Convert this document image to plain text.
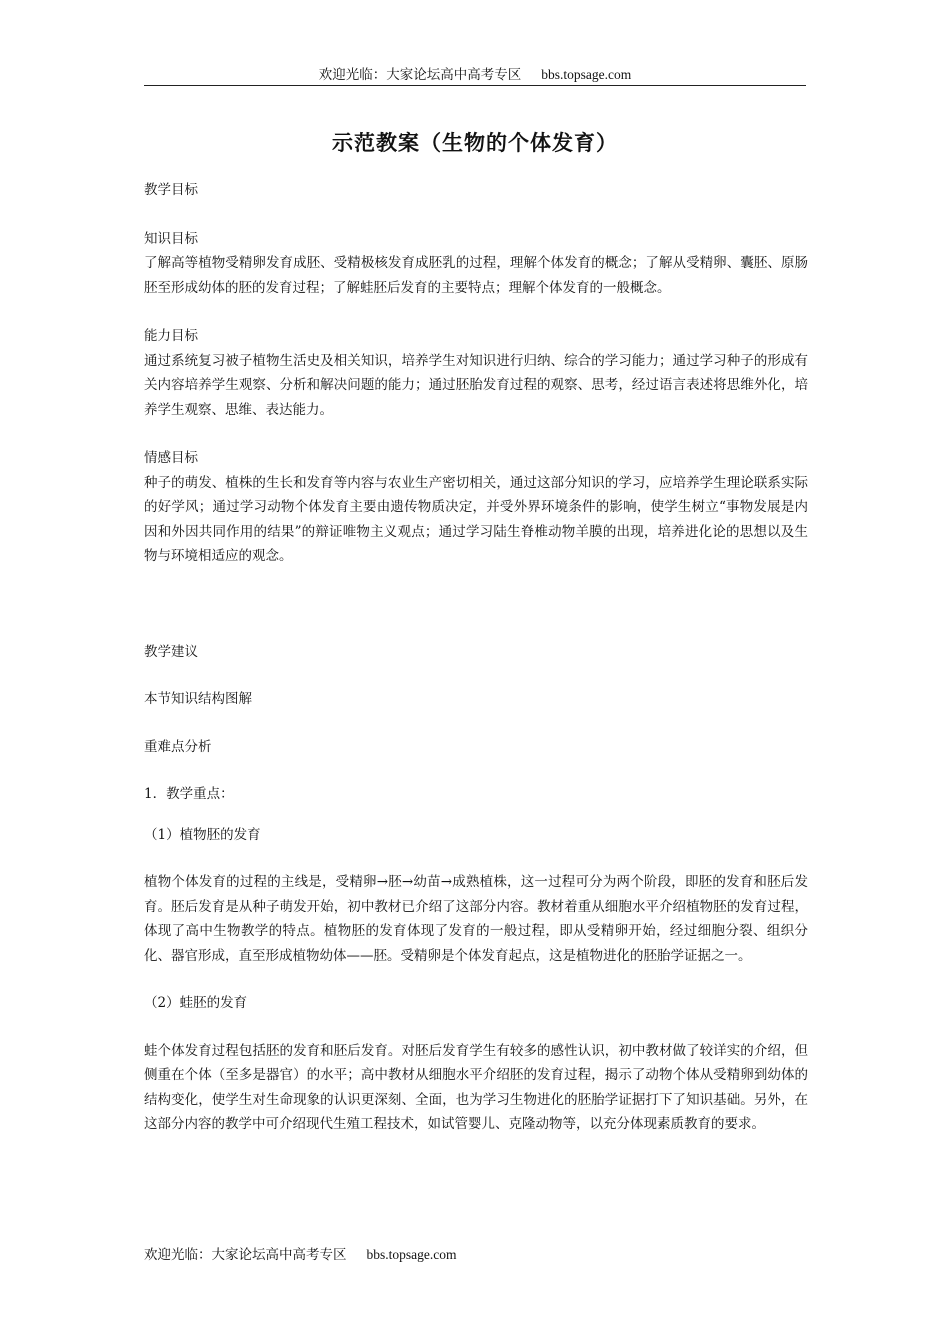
欢迎光临：大家论坛高中高考专区 bbs.topsage.com
示范教案（生物的个体发育）

教学目标

知识目标

了解高等植物受精卵发育成胚、受精极核发育成胚乳的过程，理解个体发育的概念；了解从受精卵、囊胚、原肠胚至形成幼体的胚的发育过程；了解蛙胚后发育的主要特点；理解个体发育的一般概念。

能力目标

通过系统复习被子植物生活史及相关知识，培养学生对知识进行归纳、综合的学习能力；通过学习种子的形成有关内容培养学生观察、分析和解决问题的能力；通过胚胎发育过程的观察、思考，经过语言表述将思维外化，培养学生观察、思维、表达能力。

情感目标

种子的萌发、植株的生长和发育等内容与农业生产密切相关，通过这部分知识的学习，应培养学生理论联系实际的好学风；通过学习动物个体发育主要由遗传物质决定，并受外界环境条件的影响，使学生树立“事物发展是内因和外因共同作用的结果”的辩证唯物主义观点；通过学习陆生脊椎动物羊膜的出现，培养进化论的思想以及生物与环境相适应的观念。

教学建议

本节知识结构图解

重难点分析

1．教学重点：

（1）植物胚的发育

植物个体发育的过程的主线是，受精卵→胚→幼苗→成熟植株，这一过程可分为两个阶段，即胚的发育和胚后发育。胚后发育是从种子萌发开始，初中教材已介绍了这部分内容。教材着重从细胞水平介绍植物胚的发育过程，体现了高中生物教学的特点。植物胚的发育体现了发育的一般过程，即从受精卵开始，经过细胞分裂、组织分化、器官形成，直至形成植物幼体——胚。受精卵是个体发育起点，这是植物进化的胚胎学证据之一。

（2）蛙胚的发育

蛙个体发育过程包括胚的发育和胚后发育。对胚后发育学生有较多的感性认识，初中教材做了较详实的介绍，但侧重在个体（至多是器官）的水平；高中教材从细胞水平介绍胚的发育过程，揭示了动物个体从受精卵到幼体的结构变化，使学生对生命现象的认识更深刻、全面，也为学习生物进化的胚胎学证据打下了知识基础。另外，在这部分内容的教学中可介绍现代生殖工程技术，如试管婴儿、克隆动物等，以充分体现素质教育的要求。

欢迎光临：大家论坛高中高考专区 bbs.topsage.com
